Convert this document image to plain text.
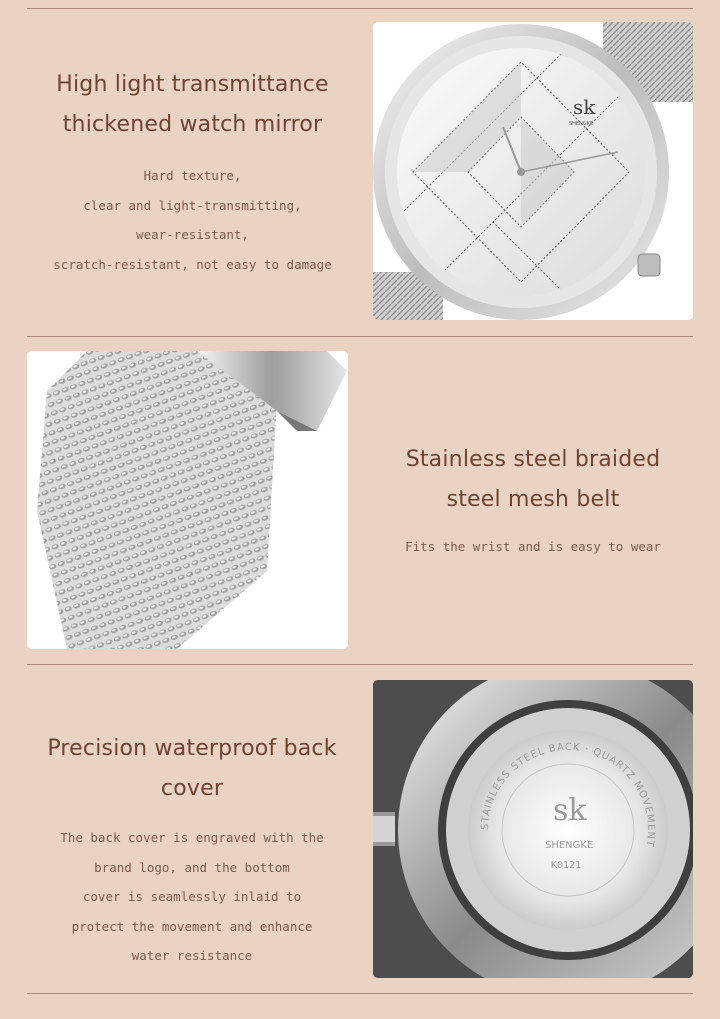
High light transmittance
thickened watch mirror
Hard texture,
clear and light-transmitting,
wear-resistant,
scratch-resistant, not easy to damage
sk
SHENGKE
Stainless steel braided
steel mesh belt
Fits the wrist and is easy to wear
Precision waterproof back cover
The back cover is engraved with the
brand logo, and the bottom
cover is seamlessly inlaid to
protect the movement and enhance
water resistance
STAINLESS STEEL BACK · QUARTZ MOVEMENT
sk
SHENGKE
K0121
